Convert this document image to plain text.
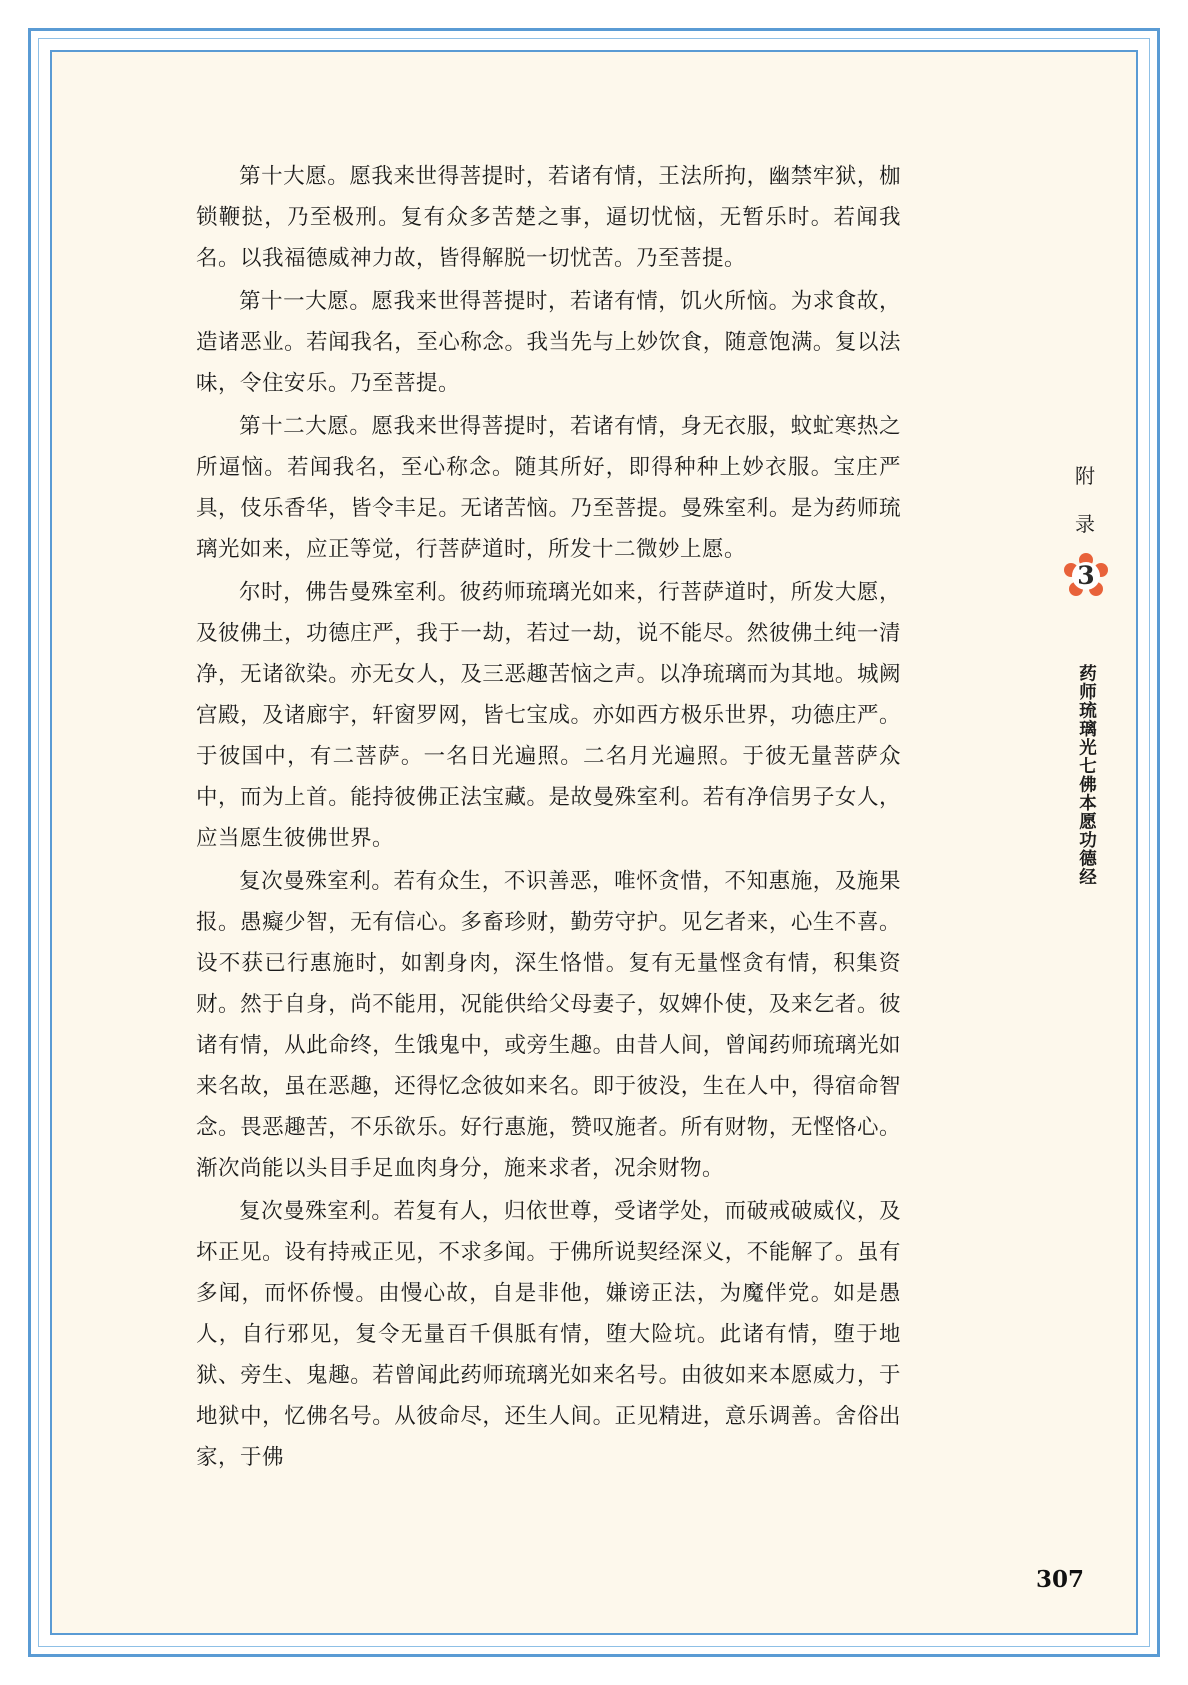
第十大愿。愿我来世得菩提时，若诸有情，王法所拘，幽禁牢狱，枷锁鞭挞，乃至极刑。复有众多苦楚之事，逼切忧恼，无暂乐时。若闻我名。以我福德威神力故，皆得解脱一切忧苦。乃至菩提。

第十一大愿。愿我来世得菩提时，若诸有情，饥火所恼。为求食故，造诸恶业。若闻我名，至心称念。我当先与上妙饮食，随意饱满。复以法味，令住安乐。乃至菩提。

第十二大愿。愿我来世得菩提时，若诸有情，身无衣服，蚊虻寒热之所逼恼。若闻我名，至心称念。随其所好，即得种种上妙衣服。宝庄严具，伎乐香华，皆令丰足。无诸苦恼。乃至菩提。曼殊室利。是为药师琉璃光如来，应正等觉，行菩萨道时，所发十二微妙上愿。

尔时，佛告曼殊室利。彼药师琉璃光如来，行菩萨道时，所发大愿，及彼佛土，功德庄严，我于一劫，若过一劫，说不能尽。然彼佛土纯一清净，无诸欲染。亦无女人，及三恶趣苦恼之声。以净琉璃而为其地。城阙宫殿，及诸廊宇，轩窗罗网，皆七宝成。亦如西方极乐世界，功德庄严。于彼国中，有二菩萨。一名日光遍照。二名月光遍照。于彼无量菩萨众中，而为上首。能持彼佛正法宝藏。是故曼殊室利。若有净信男子女人，应当愿生彼佛世界。

复次曼殊室利。若有众生，不识善恶，唯怀贪惜，不知惠施，及施果报。愚癡少智，无有信心。多畜珍财，勤劳守护。见乞者来，心生不喜。设不获已行惠施时，如割身肉，深生恪惜。复有无量悭贪有情，积集资财。然于自身，尚不能用，况能供给父母妻子，奴婢仆使，及来乞者。彼诸有情，从此命终，生饿鬼中，或旁生趣。由昔人间，曾闻药师琉璃光如来名故，虽在恶趣，还得忆念彼如来名。即于彼没，生在人中，得宿命智念。畏恶趣苦，不乐欲乐。好行惠施，赞叹施者。所有财物，无悭恪心。渐次尚能以头目手足血肉身分，施来求者，况余财物。

复次曼殊室利。若复有人，归依世尊，受诸学处，而破戒破威仪，及坏正见。设有持戒正见，不求多闻。于佛所说契经深义，不能解了。虽有多闻，而怀侨慢。由慢心故，自是非他，嫌谤正法，为魔伴党。如是愚人，自行邪见，复令无量百千俱胝有情，堕大险坑。此诸有情，堕于地狱、旁生、鬼趣。若曾闻此药师琉璃光如来名号。由彼如来本愿威力，于地狱中，忆佛名号。从彼命尽，还生人间。正见精进，意乐调善。舍俗出家，于佛

附
录
3
药师琉璃光七佛本愿功德经
307
